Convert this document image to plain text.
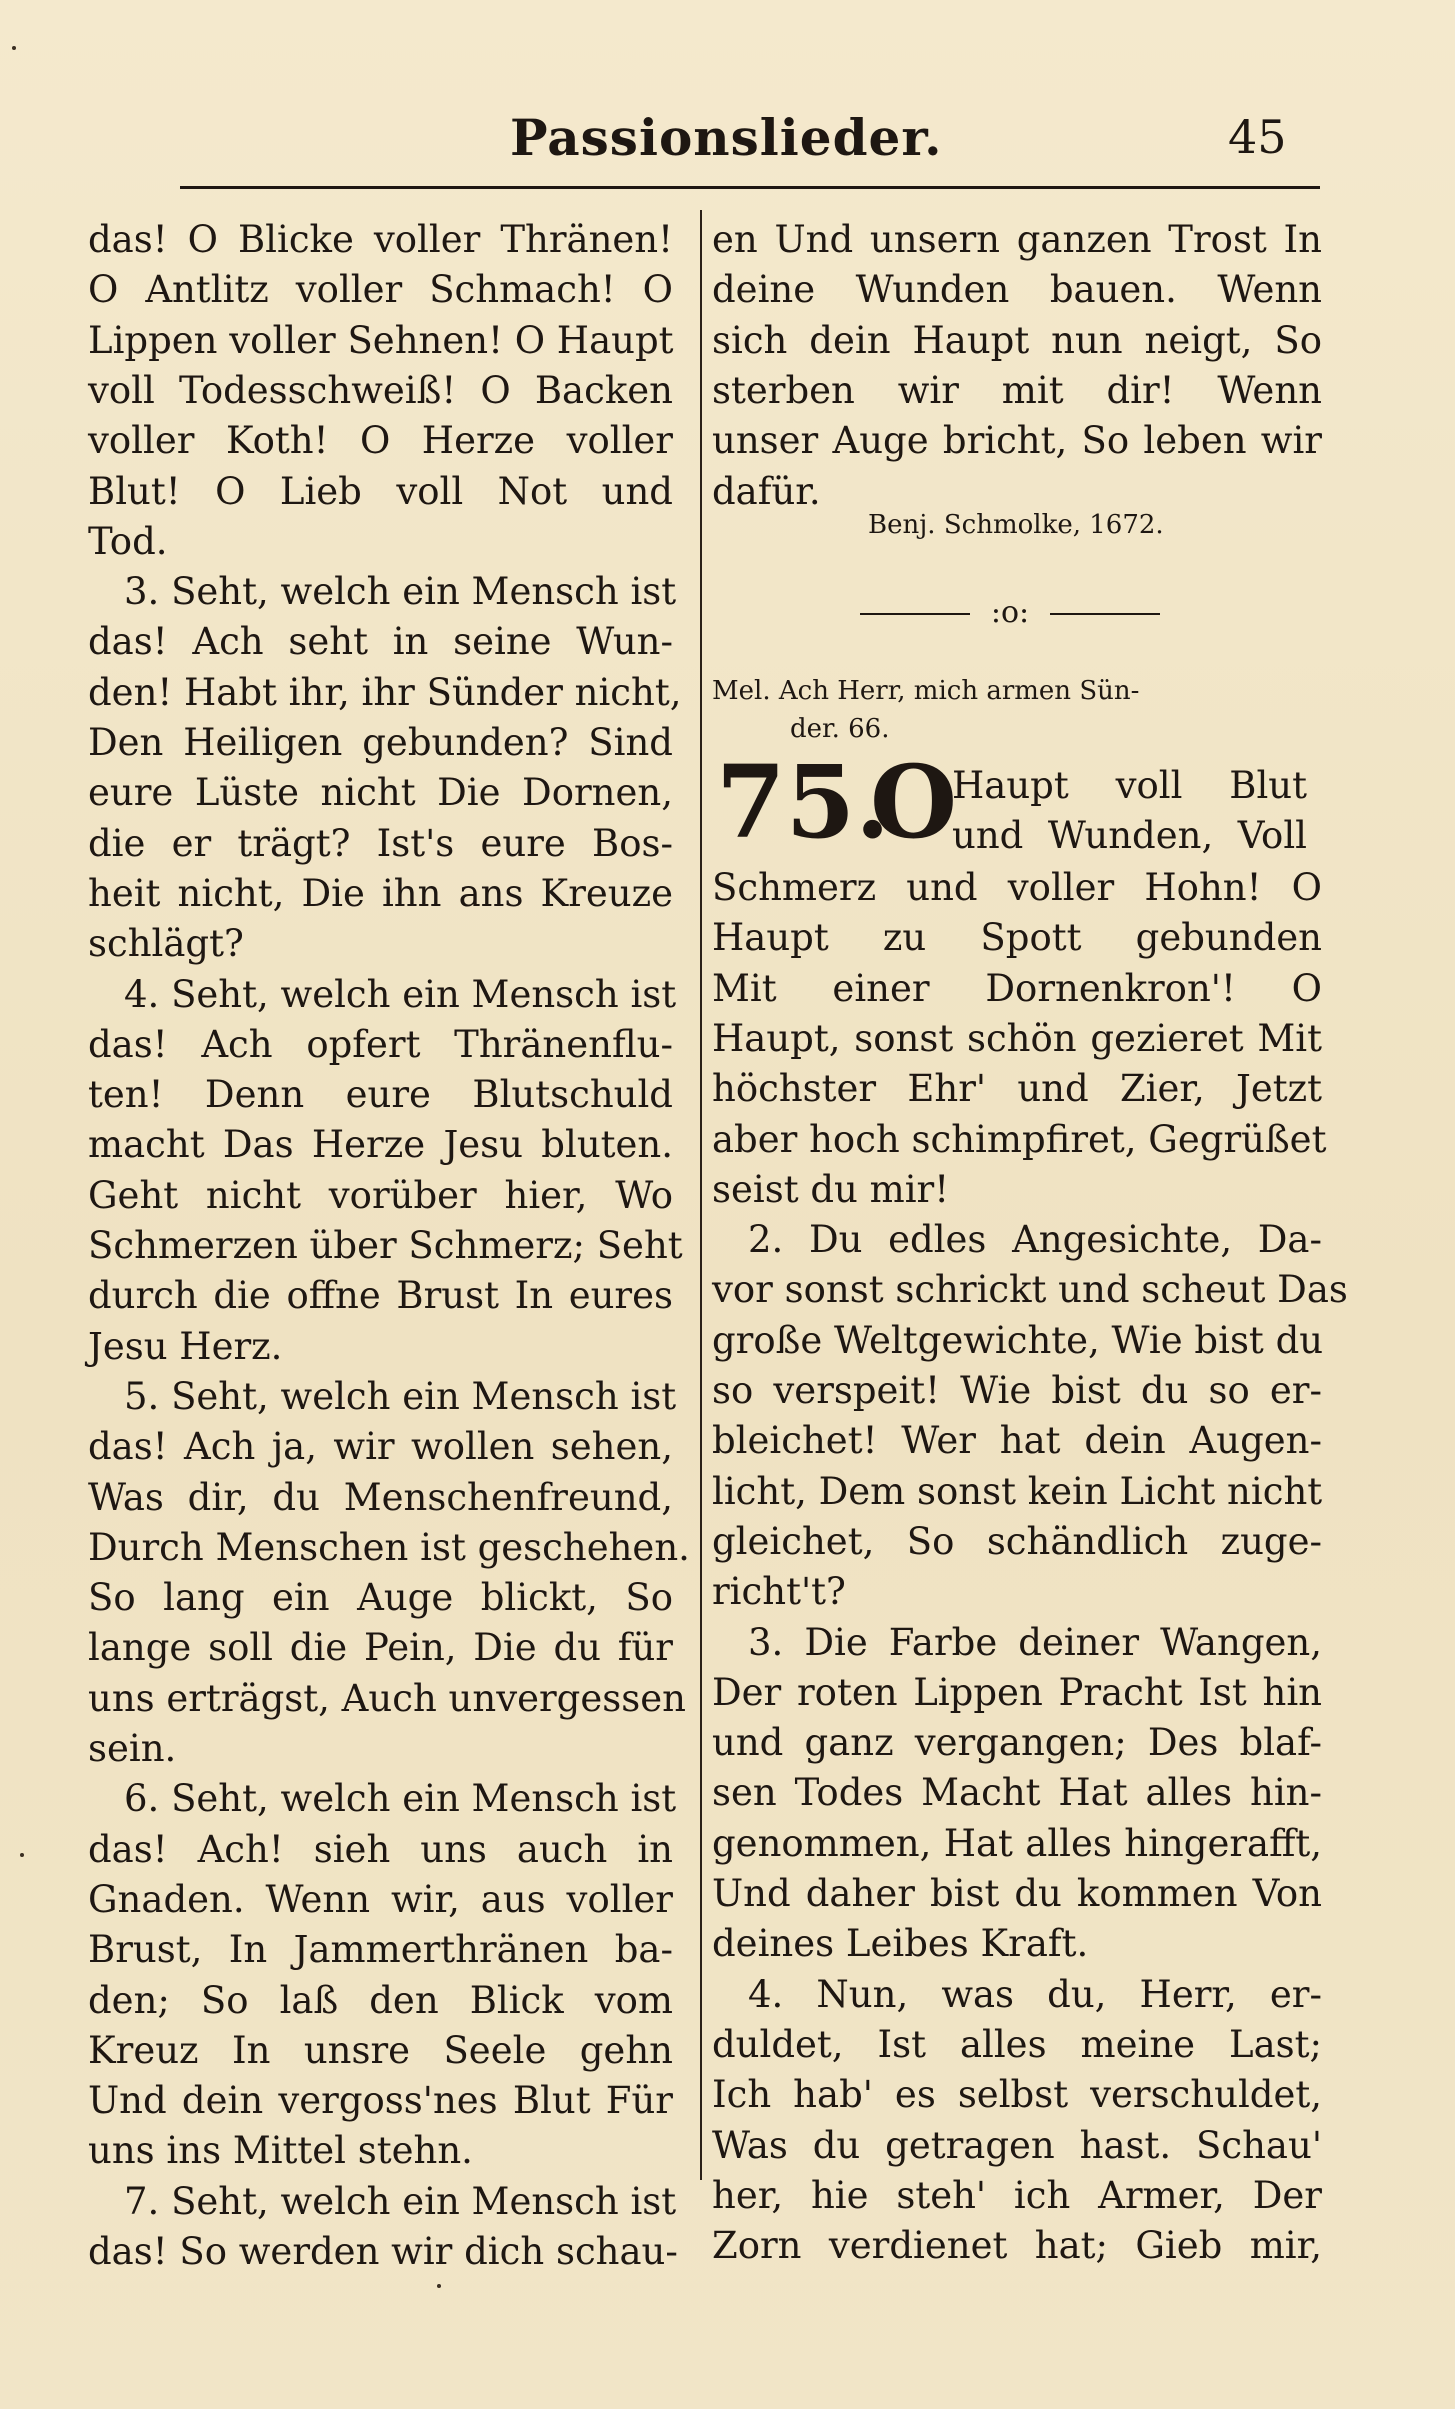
Passionslieder.	45
das! O Blicke voller Thränen!
O Antlitz voller Schmach! O
Lippen voller Sehnen! O Haupt
voll Todesschweiß! O Backen
voller Koth! O Herze voller
Blut! O Lieb voll Not und
Tod.
3. Seht, welch ein Mensch ist
das! Ach seht in seine Wun-
den! Habt ihr, ihr Sünder nicht,
Den Heiligen gebunden? Sind
eure Lüste nicht Die Dornen,
die er trägt? Ist's eure Bos-
heit nicht, Die ihn ans Kreuze
schlägt?
4. Seht, welch ein Mensch ist
das! Ach opfert Thränenflu-
ten! Denn eure Blutschuld
macht Das Herze Jesu bluten.
Geht nicht vorüber hier, Wo
Schmerzen über Schmerz; Seht
durch die offne Brust In eures
Jesu Herz.
5. Seht, welch ein Mensch ist
das! Ach ja, wir wollen sehen,
Was dir, du Menschenfreund,
Durch Menschen ist geschehen.
So lang ein Auge blickt, So
lange soll die Pein, Die du für
uns erträgst, Auch unvergessen
sein.
6. Seht, welch ein Mensch ist
das! Ach! sieh uns auch in
Gnaden. Wenn wir, aus voller
Brust, In Jammerthränen ba-
den; So laß den Blick vom
Kreuz In unsre Seele gehn
Und dein vergoss'nes Blut Für
uns ins Mittel stehn.
7. Seht, welch ein Mensch ist
das! So werden wir dich schau-
en Und unsern ganzen Trost In
deine Wunden bauen. Wenn
sich dein Haupt nun neigt, So
sterben wir mit dir! Wenn
unser Auge bricht, So leben wir
dafür.
Benj. Schmolke, 1672.
:o:
Mel. Ach Herr, mich armen Sün-
der. 66.
75.
O
Haupt voll Blut
und Wunden, Voll
Schmerz und voller Hohn! O
Haupt zu Spott gebunden
Mit einer Dornenkron'! O
Haupt, sonst schön gezieret Mit
höchster Ehr' und Zier, Jetzt
aber hoch schimpfiret, Gegrüßet
seist du mir!
2. Du edles Angesichte, Da-
vor sonst schrickt und scheut Das
große Weltgewichte, Wie bist du
so verspeit! Wie bist du so er-
bleichet! Wer hat dein Augen-
licht, Dem sonst kein Licht nicht
gleichet, So schändlich zuge-
richt't?
3. Die Farbe deiner Wangen,
Der roten Lippen Pracht Ist hin
und ganz vergangen; Des blaf-
sen Todes Macht Hat alles hin-
genommen, Hat alles hingerafft,
Und daher bist du kommen Von
deines Leibes Kraft.
4. Nun, was du, Herr, er-
duldet, Ist alles meine Last;
Ich hab' es selbst verschuldet,
Was du getragen hast. Schau'
her, hie steh' ich Armer, Der
Zorn verdienet hat; Gieb mir,
